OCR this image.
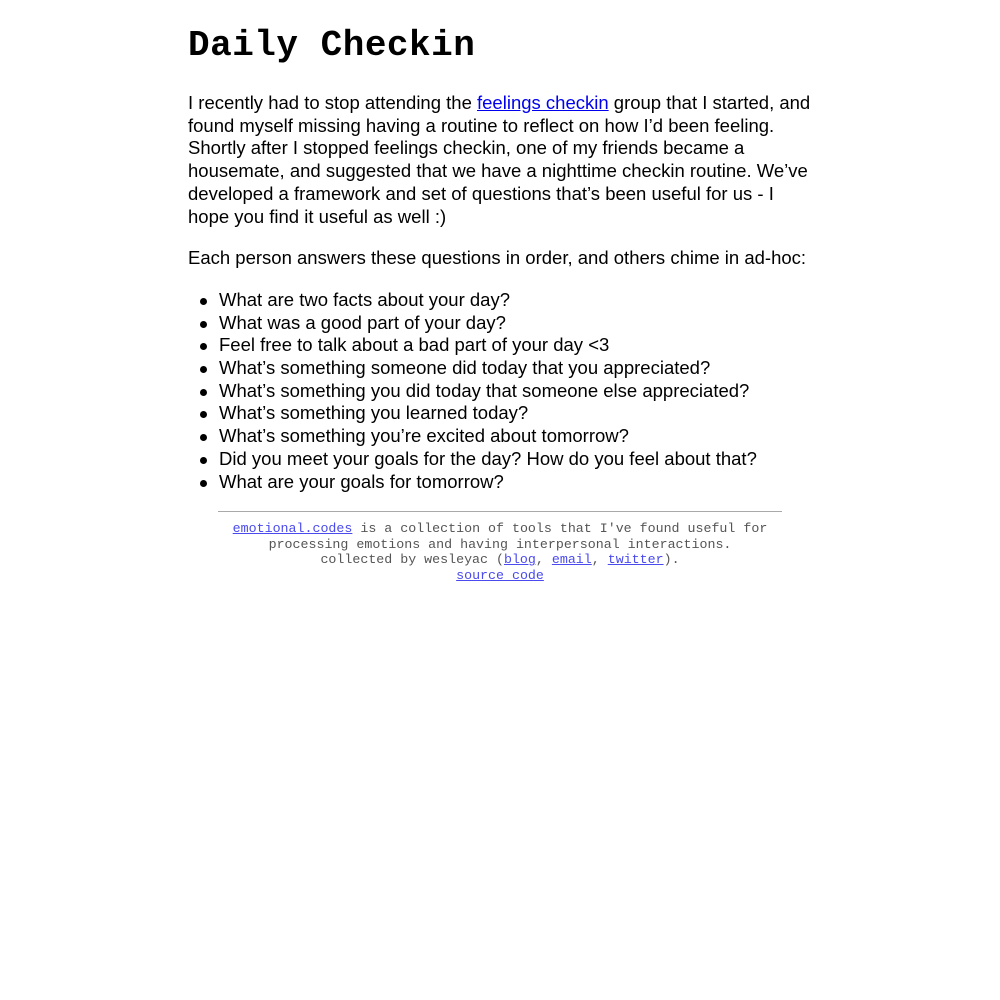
Daily Checkin

I recently had to stop attending the feelings checkin group that I started, and found myself missing having a routine to reflect on how I’d been feeling. Shortly after I stopped feelings checkin, one of my friends became a housemate, and suggested that we have a nighttime checkin routine. We’ve developed a framework and set of questions that’s been useful for us - I hope you find it useful as well :)

Each person answers these questions in order, and others chime in ad-hoc:

What are two facts about your day?
What was a good part of your day?
Feel free to talk about a bad part of your day <3
What’s something someone did today that you appreciated?
What’s something you did today that someone else appreciated?
What’s something you learned today?
What’s something you’re excited about tomorrow?
Did you meet your goals for the day? How do you feel about that?
What are your goals for tomorrow?
emotional.codes is a collection of tools that I've found useful for processing emotions and having interpersonal interactions.
collected by wesleyac (blog, email, twitter).
source code
